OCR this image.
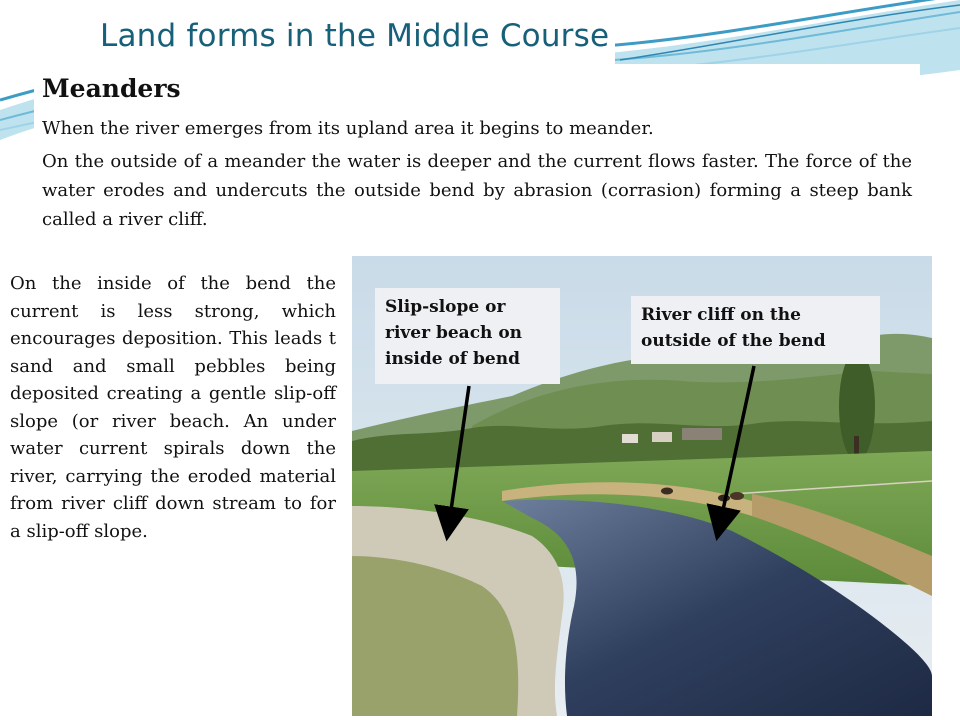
Land forms in the Middle Course

Meanders

When the river emerges from its upland area it begins to meander.

On the outside of a meander the water is deeper and the current flows faster. The force of the water erodes and undercuts the outside bend by abrasion (corrasion) forming a steep bank called a river cliff.

On the inside of the bend the current is less strong, which encourages deposition. This leads t sand and small pebbles being deposited creating a gentle slip-off slope (or river beach. An under water current spirals down the river, carrying the eroded material from river cliff down stream to for a slip-off slope.

Slip-slope or river beach on inside of bend
River cliff on the outside of the bend
